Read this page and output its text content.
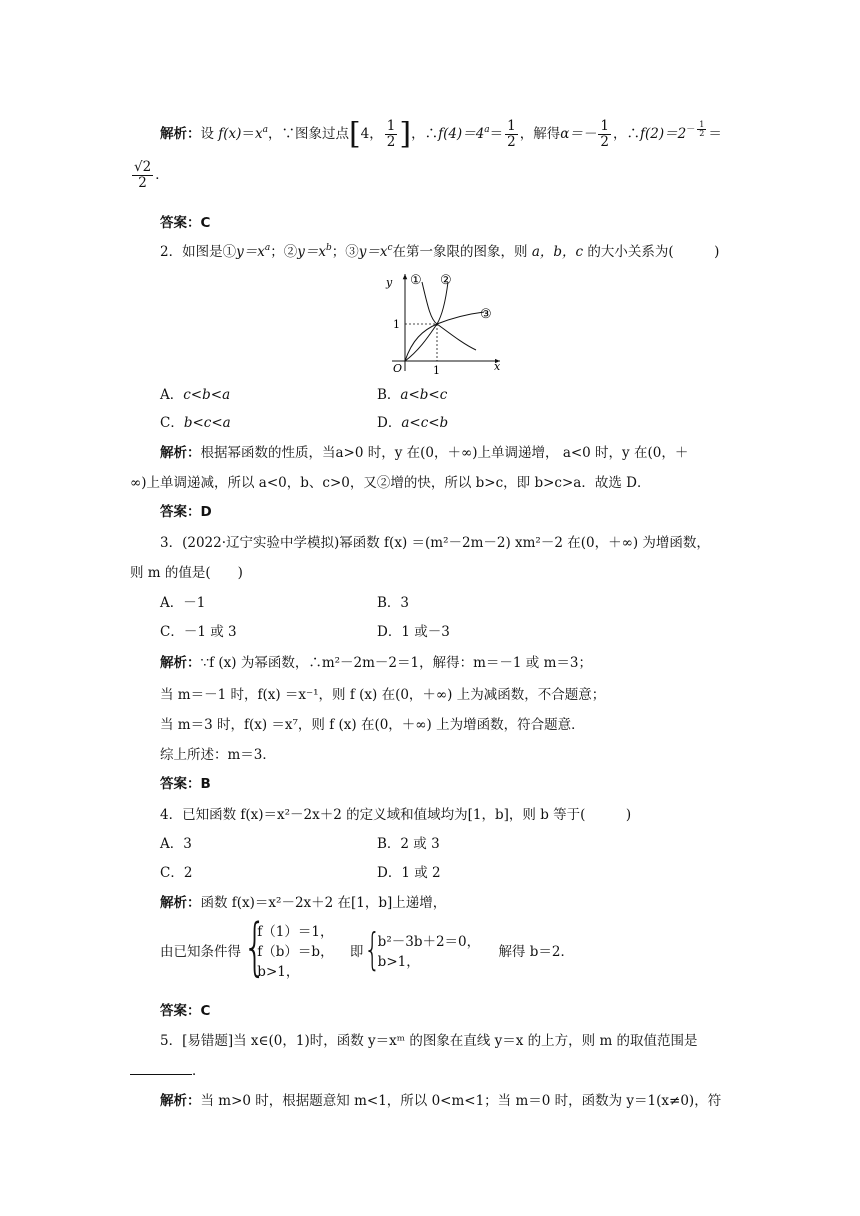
解析：设 $f(x)=x^a$，∵图象过点[4， $\frac{1}{2}$ ]，$\therefore f(4)=4^a= \frac{1}{2}$ ，解得$\alpha=- \frac{1}{2}$ ，$\therefore f(2)=2^{- \frac{1}{2}}$ ＝
$\frac{√2}{2}$ ．
答案：C
2．如图是$①y=x^a$；$②y=x^b$；$③y=x^c$在第一象限的图象，则 a，b，c 的大小关系为(　　　)
y
x
O	1
1
① ②
③
A．c<b<a	B．a<b<c
C．b<c<a	D．a<c<b
解析：根据幂函数的性质，当a>0 时，y 在(0，＋∞)上单调递增， a<0 时，y 在(0，＋
∞)上单调递减，所以 a<0，b、c>0，又②增的快，所以 b>c，即 b>c>a．故选 D．
答案：D
3．(2022·辽宁实验中学模拟)幂函数 f(x) ＝(m²－2m－2) xm²－2 在(0，＋∞) 为增函数，
则 m 的值是(　　)
A．－1	B．3
C．－1 或 3	D．1 或－3
解析：∵f (x) 为幂函数，∴m²－2m－2＝1，解得：m＝－1 或 m＝3；
当 m＝－1 时，f(x) ＝x⁻¹，则 f (x) 在(0，＋∞) 上为减函数，不合题意；
当 m＝3 时，f(x) ＝x⁷，则 f (x) 在(0，＋∞) 上为增函数，符合题意．
综上所述：m＝3．
答案：B
4．已知函数 f(x)＝x²－2x＋2 的定义域和值域均为[1，b]，则 b 等于(　　　)
A．3	B．2 或 3
C．2	D．1 或 2
解析：函数 f(x)＝x²－2x＋2 在[1，b]上递增，
由已知条件得 {
f（1）＝1，
f（b）＝b，
b>1，
即 {
b²－3b＋2＝0，
b>1，
解得 b＝2．
答案：C
5．[易错题]当 x∈(0，1)时，函数 y＝xᵐ 的图象在直线 y＝x 的上方，则 m 的取值范围是
．
解析：当 m>0 时，根据题意知 m<1，所以 0<m<1；当 m＝0 时，函数为 y＝1(x≠0)，符
